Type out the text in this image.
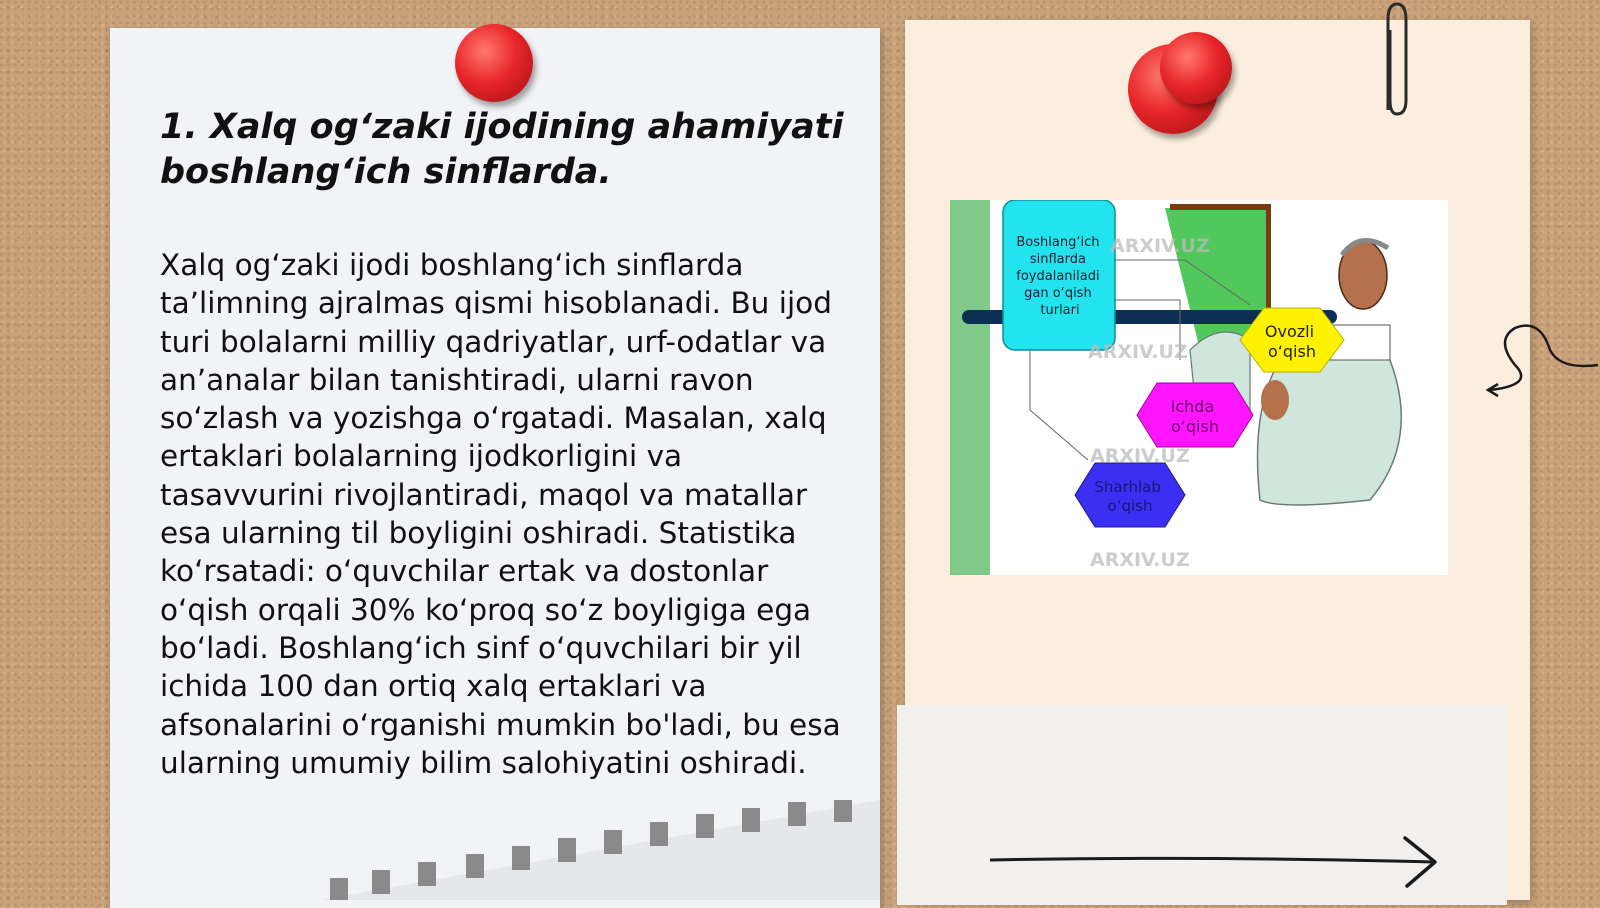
1. Xalq og‘zaki ijodining ahamiyati boshlang‘ich sinflarda.

Xalq og‘zaki ijodi boshlang‘ich sinflarda ta’limning ajralmas qismi hisoblanadi. Bu ijod turi bolalarni milliy qadriyatlar, urf-odatlar va an’analar bilan tanishtiradi, ularni ravon so‘zlash va yozishga o‘rgatadi. Masalan, xalq ertaklari bolalarning ijodkorligini va tasavvurini rivojlantiradi, maqol va matallar esa ularning til boyligini oshiradi. Statistika ko‘rsatadi: o‘quvchilar ertak va dostonlar o‘qish orqali 30% ko‘proq so‘z boyligiga ega bo‘ladi. Boshlang‘ich sinf o‘quvchilari bir yil ichida 100 dan ortiq xalq ertaklari va afsonalarini o‘rganishi mumkin bo'ladi, bu esa ularning umumiy bilim salohiyatini oshiradi.

Boshlang‘ich sinflarda foydalaniladi gan o‘qish turlari
Ovozli o‘qish
Ichda o‘qish
Sharhlab o‘qish
ARXIV.UZ
ARXIV.UZ
ARXIV.UZ
ARXIV.UZ
